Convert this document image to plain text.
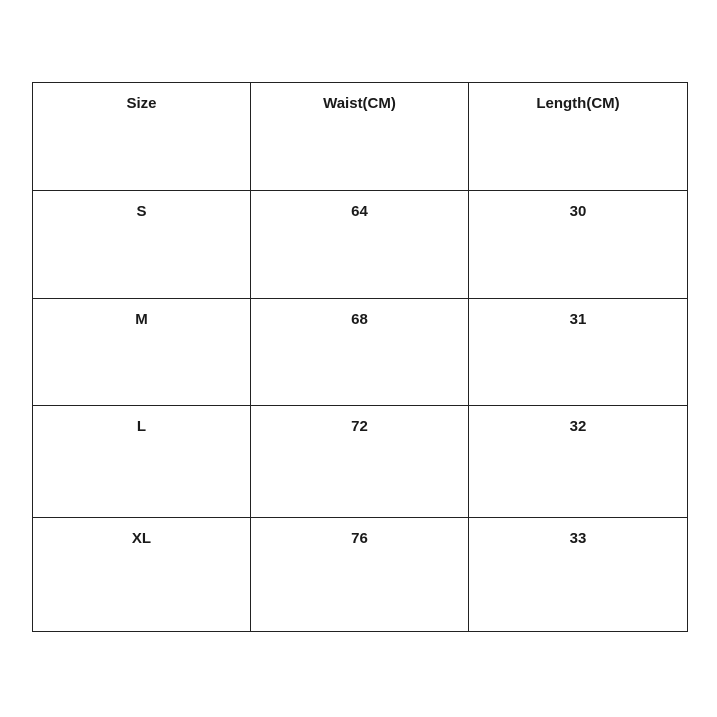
Size	Waist(CM)	Length(CM)
S	64	30
M	68	31
L	72	32
XL	76	33
